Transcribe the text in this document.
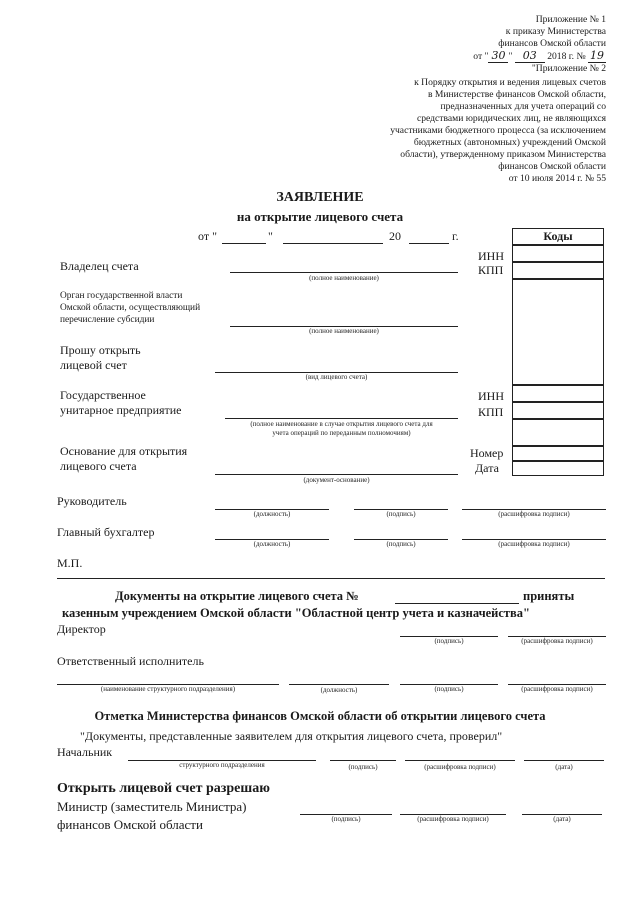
Приложение № 1
к приказу Министерства
финансов Омской области
от " 30 " 03 2018 г. № 19
"Приложение № 2
к Порядку открытия и ведения лицевых счетов
в Министерстве финансов Омской области,
предназначенных для учета операций со
средствами юридических лиц, не являющихся
участниками бюджетного процесса (за исключением
бюджетных (автономных) учреждений Омской
области), утвержденному приказом Министерства
финансов Омской области
от 10 июля 2014 г. № 55
ЗАЯВЛЕНИЕ
на открытие лицевого счета
от "	"	20	г.	Коды
Владелец счета
(полное наименование)
ИНН
КПП
Орган государственной власти
Омской области, осуществляющий
перечисление субсидии
(полное наименование)
Прошу открыть
лицевой счет
(вид лицевого счета)
Государственное
унитарное предприятие
(полное наименование в случае открытия лицевого счета для
учета операций по переданным полномочиям)
ИНН
КПП
Основание для открытия
лицевого счета
(документ-основание)
Номер
Дата
Руководитель
(должность)	(подпись)	(расшифровка подписи)
Главный бухгалтер
(должность)	(подпись)	(расшифровка подписи)
М.П.
Документы на открытие лицевого счета №	приняты
казенным учреждением Омской области "Областной центр учета и казначейства"
Директор
(подпись)	(расшифровка подписи)
Ответственный исполнитель
(наименование структурного подразделения)	(должность)	(подпись)	(расшифровка подписи)
Отметка Министерства финансов Омской области об открытии лицевого счета
"Документы, представленные заявителем для открытия лицевого счета, проверил"
Начальник
структурного подразделения	(подпись)	(расшифровка подписи)	(дата)
Открыть лицевой счет разрешаю
Министр (заместитель Министра)
финансов Омской области	(подпись)	(расшифровка подписи)	(дата)
